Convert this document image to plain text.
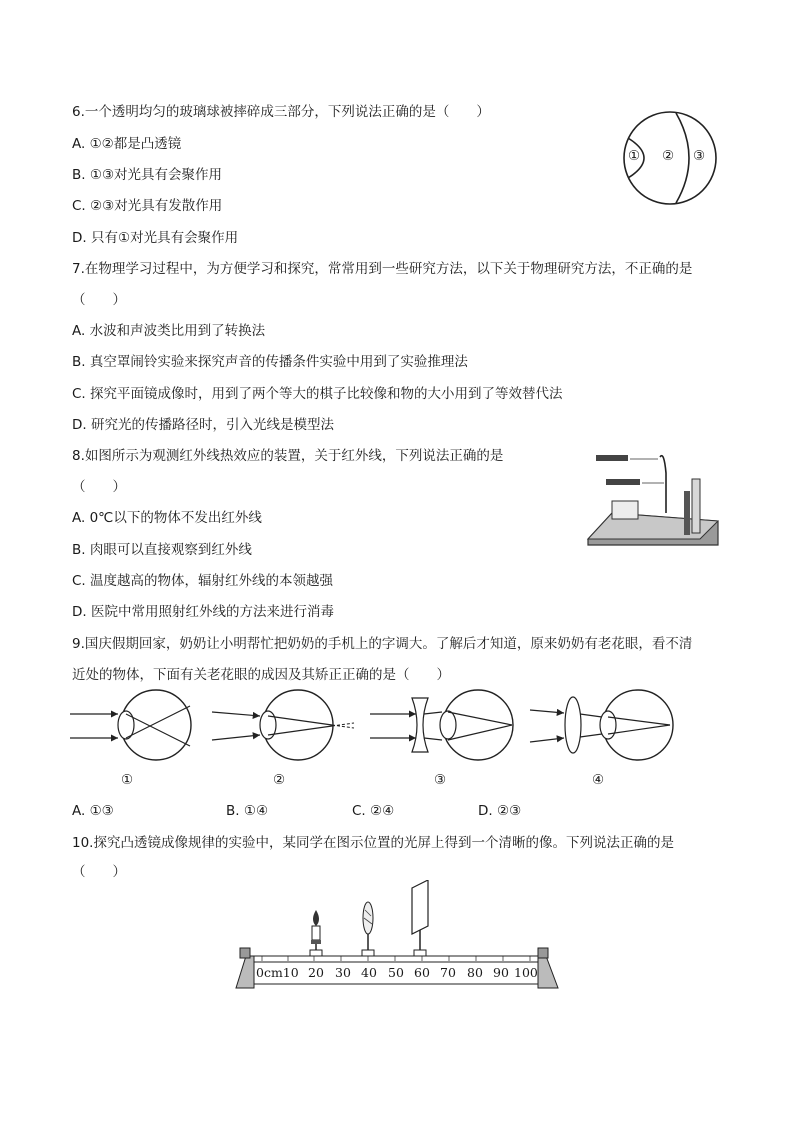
6.一个透明均匀的玻璃球被摔碎成三部分，下列说法正确的是（　　）
A. ①②都是凸透镜
B. ①③对光具有会聚作用
C. ②③对光具有发散作用
D. 只有①对光具有会聚作用
① ② ③
7.在物理学习过程中，为方便学习和探究，常常用到一些研究方法，以下关于物理研究方法，不正确的是
（　　）
A. 水波和声波类比用到了转换法
B. 真空罩闹铃实验来探究声音的传播条件实验中用到了实验推理法
C. 探究平面镜成像时，用到了两个等大的棋子比较像和物的大小用到了等效替代法
D. 研究光的传播路径时，引入光线是模型法
8.如图所示为观测红外线热效应的装置，关于红外线，下列说法正确的是
（　　）
A. 0℃以下的物体不发出红外线
B. 肉眼可以直接观察到红外线
C. 温度越高的物体，辐射红外线的本领越强
D. 医院中常用照射红外线的方法来进行消毒
9.国庆假期回家，奶奶让小明帮忙把奶奶的手机上的字调大。了解后才知道，原来奶奶有老花眼，看不清
近处的物体，下面有关老花眼的成因及其矫正正确的是（　　）
①	②	③	④
A. ①③	B. ①④	C. ②④	D. ②③
10.探究凸透镜成像规律的实验中，某同学在图示位置的光屏上得到一个清晰的像。下列说法正确的是
（　　）
0cm10 20 30 40 50 60 70 80 90 100
